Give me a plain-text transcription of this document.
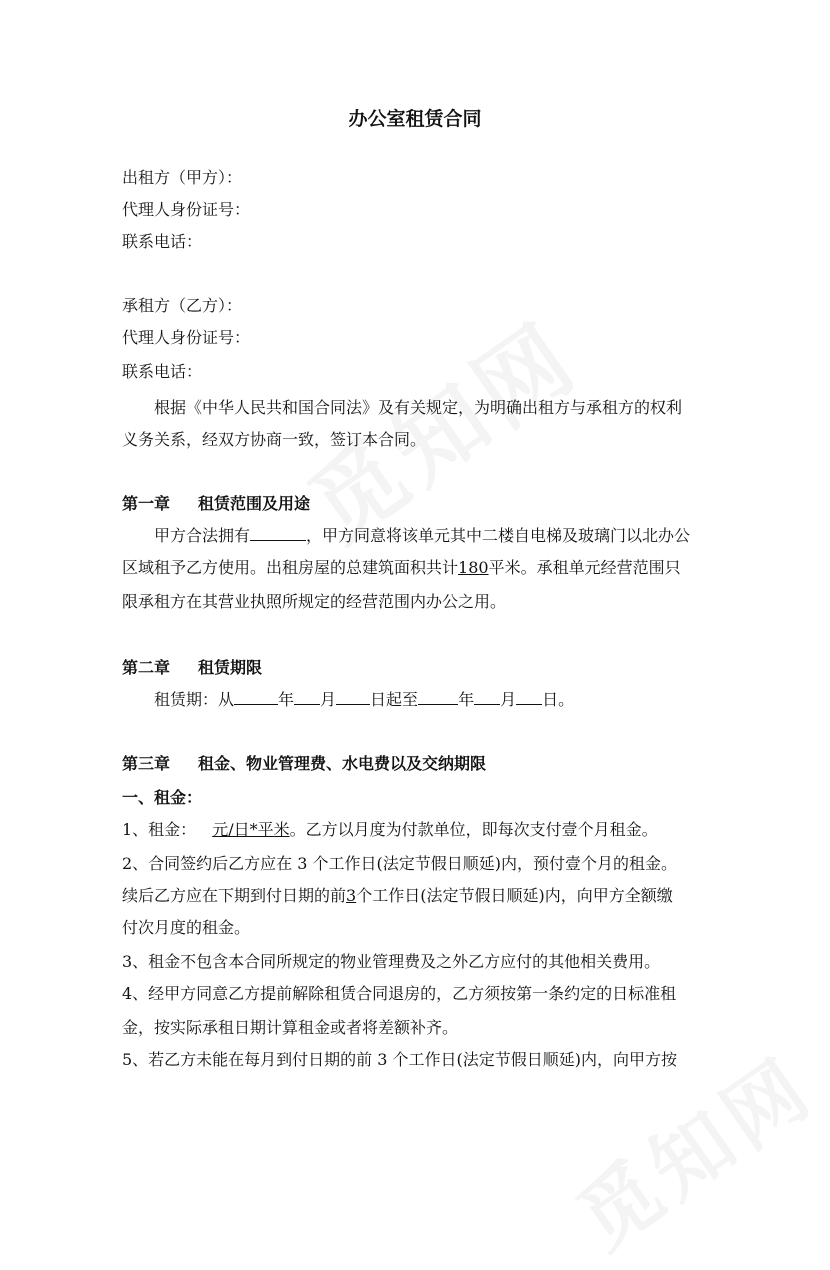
办公室租赁合同
出租方（甲方）：
代理人身份证号：
联系电话：
承租方（乙方）：
代理人身份证号：
联系电话：
根据《中华人民共和国合同法》及有关规定，为明确出租方与承租方的权利
义务关系，经双方协商一致，签订本合同。
第一章 租赁范围及用途
甲方合法拥有	，甲方同意将该单元其中二楼自电梯及玻璃门以北办公
区域租予乙方使用。出租房屋的总建筑面积共计180平米。承租单元经营范围只
限承租方在其营业执照所规定的经营范围内办公之用。
第二章 租赁期限
租赁期：从	年 月 日起至	年 月 日。
第三章 租金、物业管理费、水电费以及交纳期限
一、租金：
1、租金： 元/日*平米。乙方以月度为付款单位，即每次支付壹个月租金。
2、合同签约后乙方应在 3 个工作日(法定节假日顺延)内，预付壹个月的租金。
续后乙方应在下期到付日期的前3个工作日(法定节假日顺延)内，向甲方全额缴
付次月度的租金。
3、租金不包含本合同所规定的物业管理费及之外乙方应付的其他相关费用。
4、经甲方同意乙方提前解除租赁合同退房的，乙方须按第一条约定的日标准租
金，按实际承租日期计算租金或者将差额补齐。
5、若乙方未能在每月到付日期的前 3 个工作日(法定节假日顺延)内，向甲方按
